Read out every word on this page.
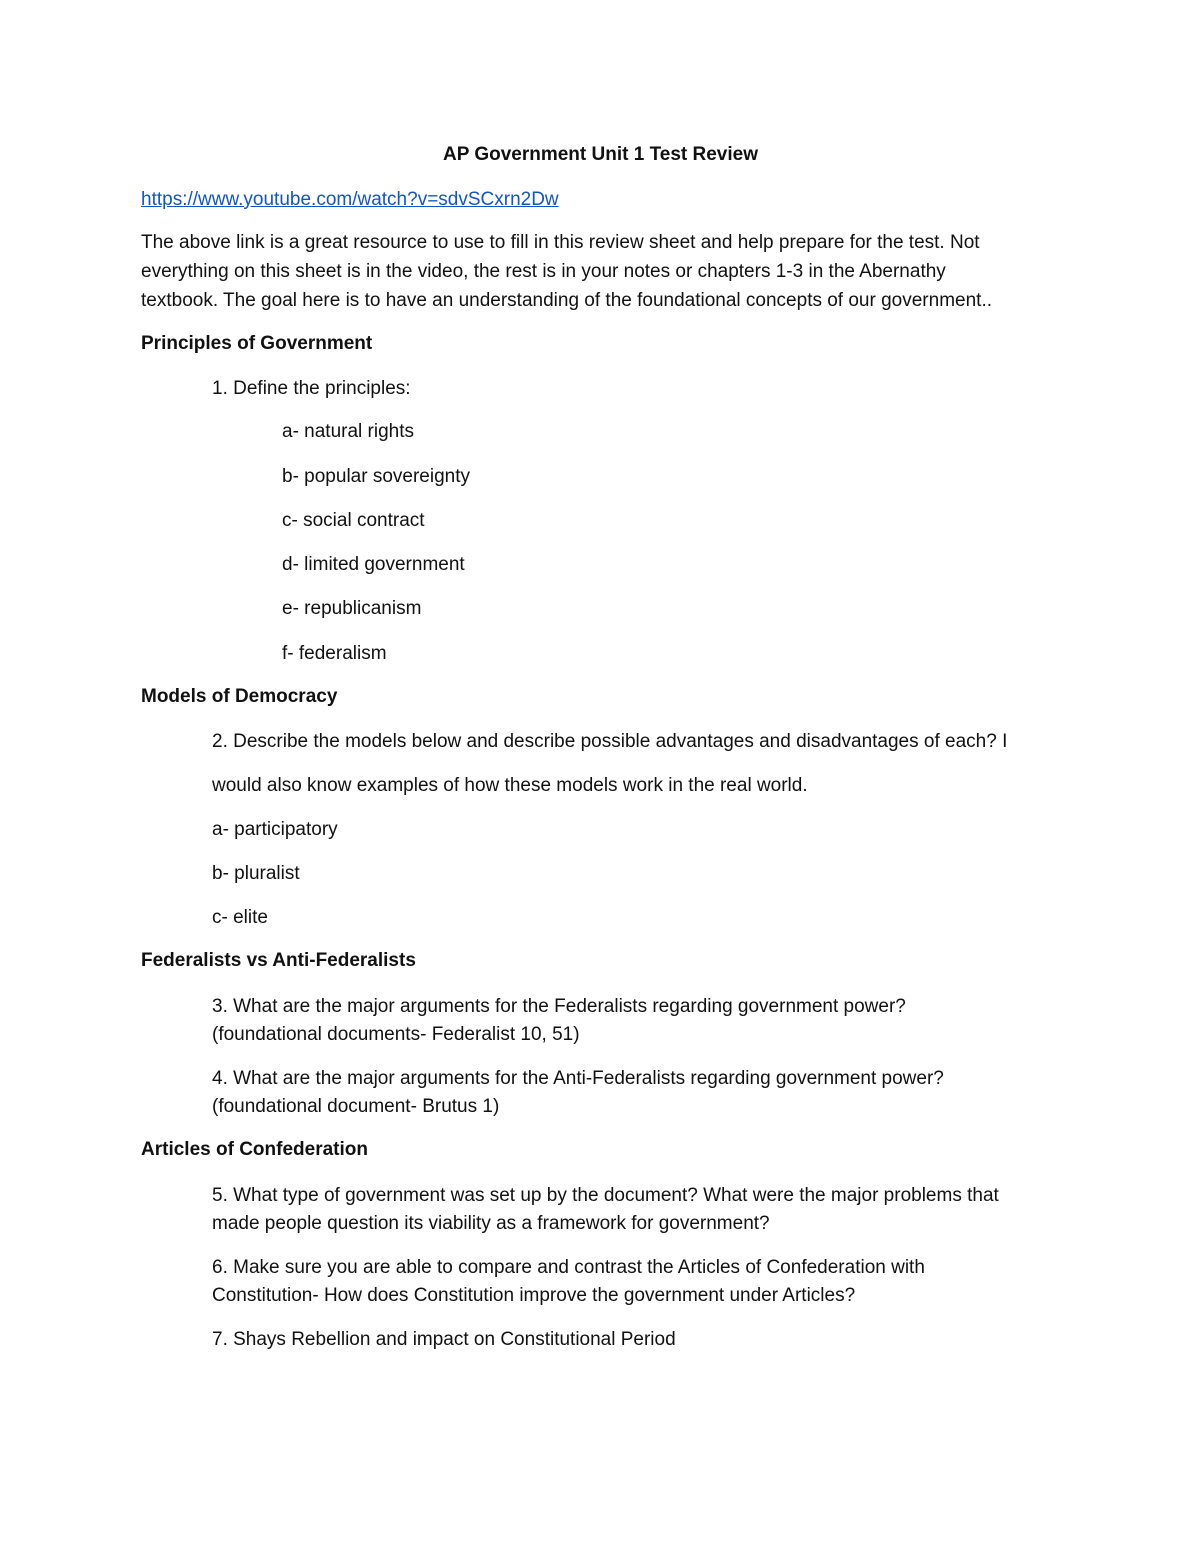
AP Government Unit 1 Test Review
https://www.youtube.com/watch?v=sdvSCxrn2Dw
The above link is a great resource to use to fill in this review sheet and help prepare for the test. Not
everything on this sheet is in the video, the rest is in your notes or chapters 1-3 in the Abernathy
textbook. The goal here is to have an understanding of the foundational concepts of our government..
Principles of Government
1. Define the principles:
a- natural rights
b- popular sovereignty
c- social contract
d- limited government
e- republicanism
f- federalism
Models of Democracy
2. Describe the models below and describe possible advantages and disadvantages of each? I
would also know examples of how these models work in the real world.
a- participatory
b- pluralist
c- elite
Federalists vs Anti-Federalists
3. What are the major arguments for the Federalists regarding government power?
(foundational documents- Federalist 10, 51)
4. What are the major arguments for the Anti-Federalists regarding government power?
(foundational document- Brutus 1)
Articles of Confederation
5. What type of government was set up by the document? What were the major problems that
made people question its viability as a framework for government?
6. Make sure you are able to compare and contrast the Articles of Confederation with
Constitution- How does Constitution improve the government under Articles?
7. Shays Rebellion and impact on Constitutional Period
